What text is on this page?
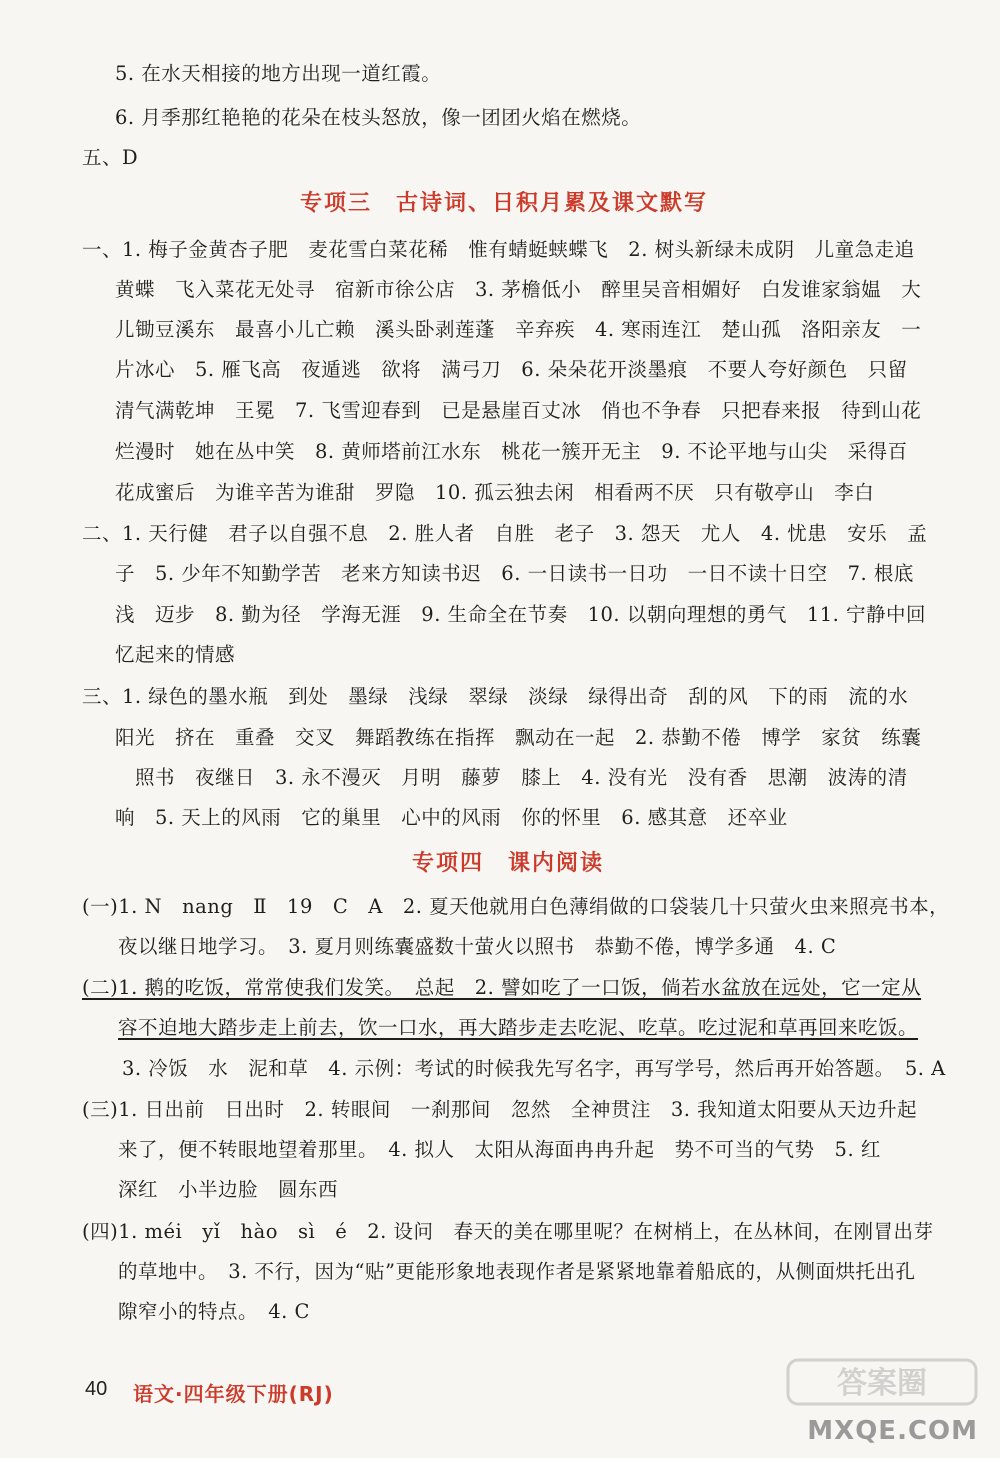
5. 在水天相接的地方出现一道红霞。
6. 月季那红艳艳的花朵在枝头怒放，像一团团火焰在燃烧。
五、D
专项三　古诗词、日积月累及课文默写
一、1. 梅子金黄杏子肥　麦花雪白菜花稀　惟有蜻蜓蛱蝶飞　2. 树头新绿未成阴　儿童急走追
黄蝶　飞入菜花无处寻　宿新市徐公店　3. 茅檐低小　醉里吴音相媚好　白发谁家翁媪　大
儿锄豆溪东　最喜小儿亡赖　溪头卧剥莲蓬　辛弃疾　4. 寒雨连江　楚山孤　洛阳亲友　一
片冰心　5. 雁飞高　夜遁逃　欲将　满弓刀　6. 朵朵花开淡墨痕　不要人夸好颜色　只留
清气满乾坤　王冕　7. 飞雪迎春到　已是悬崖百丈冰　俏也不争春　只把春来报　待到山花
烂漫时　她在丛中笑　8. 黄师塔前江水东　桃花一簇开无主　9. 不论平地与山尖　采得百
花成蜜后　为谁辛苦为谁甜　罗隐　10. 孤云独去闲　相看两不厌　只有敬亭山　李白
二、1. 天行健　君子以自强不息　2. 胜人者　自胜　老子　3. 怨天　尤人　4. 忧患　安乐　孟
子　5. 少年不知勤学苦　老来方知读书迟　6. 一日读书一日功　一日不读十日空　7. 根底
浅　迈步　8. 勤为径　学海无涯　9. 生命全在节奏　10. 以朝向理想的勇气　11. 宁静中回
忆起来的情感
三、1. 绿色的墨水瓶　到处　墨绿　浅绿　翠绿　淡绿　绿得出奇　刮的风　下的雨　流的水
阳光　挤在　重叠　交叉　舞蹈教练在指挥　飘动在一起　2. 恭勤不倦　博学　家贫　练囊
照书　夜继日　3. 永不漫灭　月明　藤萝　膝上　4. 没有光　没有香　思潮　波涛的清
响　5. 天上的风雨　它的巢里　心中的风雨　你的怀里　6. 感其意　还卒业
专项四　课内阅读
(一)1. N　nang　Ⅱ　19　C　A　2. 夏天他就用白色薄绢做的口袋装几十只萤火虫来照亮书本，
夜以继日地学习。　3. 夏月则练囊盛数十萤火以照书　恭勤不倦，博学多通　4. C
(二)1. 鹅的吃饭，常常使我们发笑。　总起　2. 譬如吃了一口饭，倘若水盆放在远处，它一定从
容不迫地大踏步走上前去，饮一口水，再大踏步走去吃泥、吃草。吃过泥和草再回来吃饭。
3. 冷饭　水　泥和草　4. 示例：考试的时候我先写名字，再写学号，然后再开始答题。　5. A
(三)1. 日出前　日出时　2. 转眼间　一刹那间　忽然　全神贯注　3. 我知道太阳要从天边升起
来了，便不转眼地望着那里。　4. 拟人　太阳从海面冉冉升起　势不可当的气势　5. 红
深红　小半边脸　圆东西
(四)1. méi　yǐ　hào　sì　é　2. 设问　春天的美在哪里呢？在树梢上，在丛林间，在刚冒出芽
的草地中。　3. 不行，因为“贴”更能形象地表现作者是紧紧地靠着船底的，从侧面烘托出孔
隙窄小的特点。　4. C
40 语文·四年级下册(RJ)	答案圈
MXQE.COM
